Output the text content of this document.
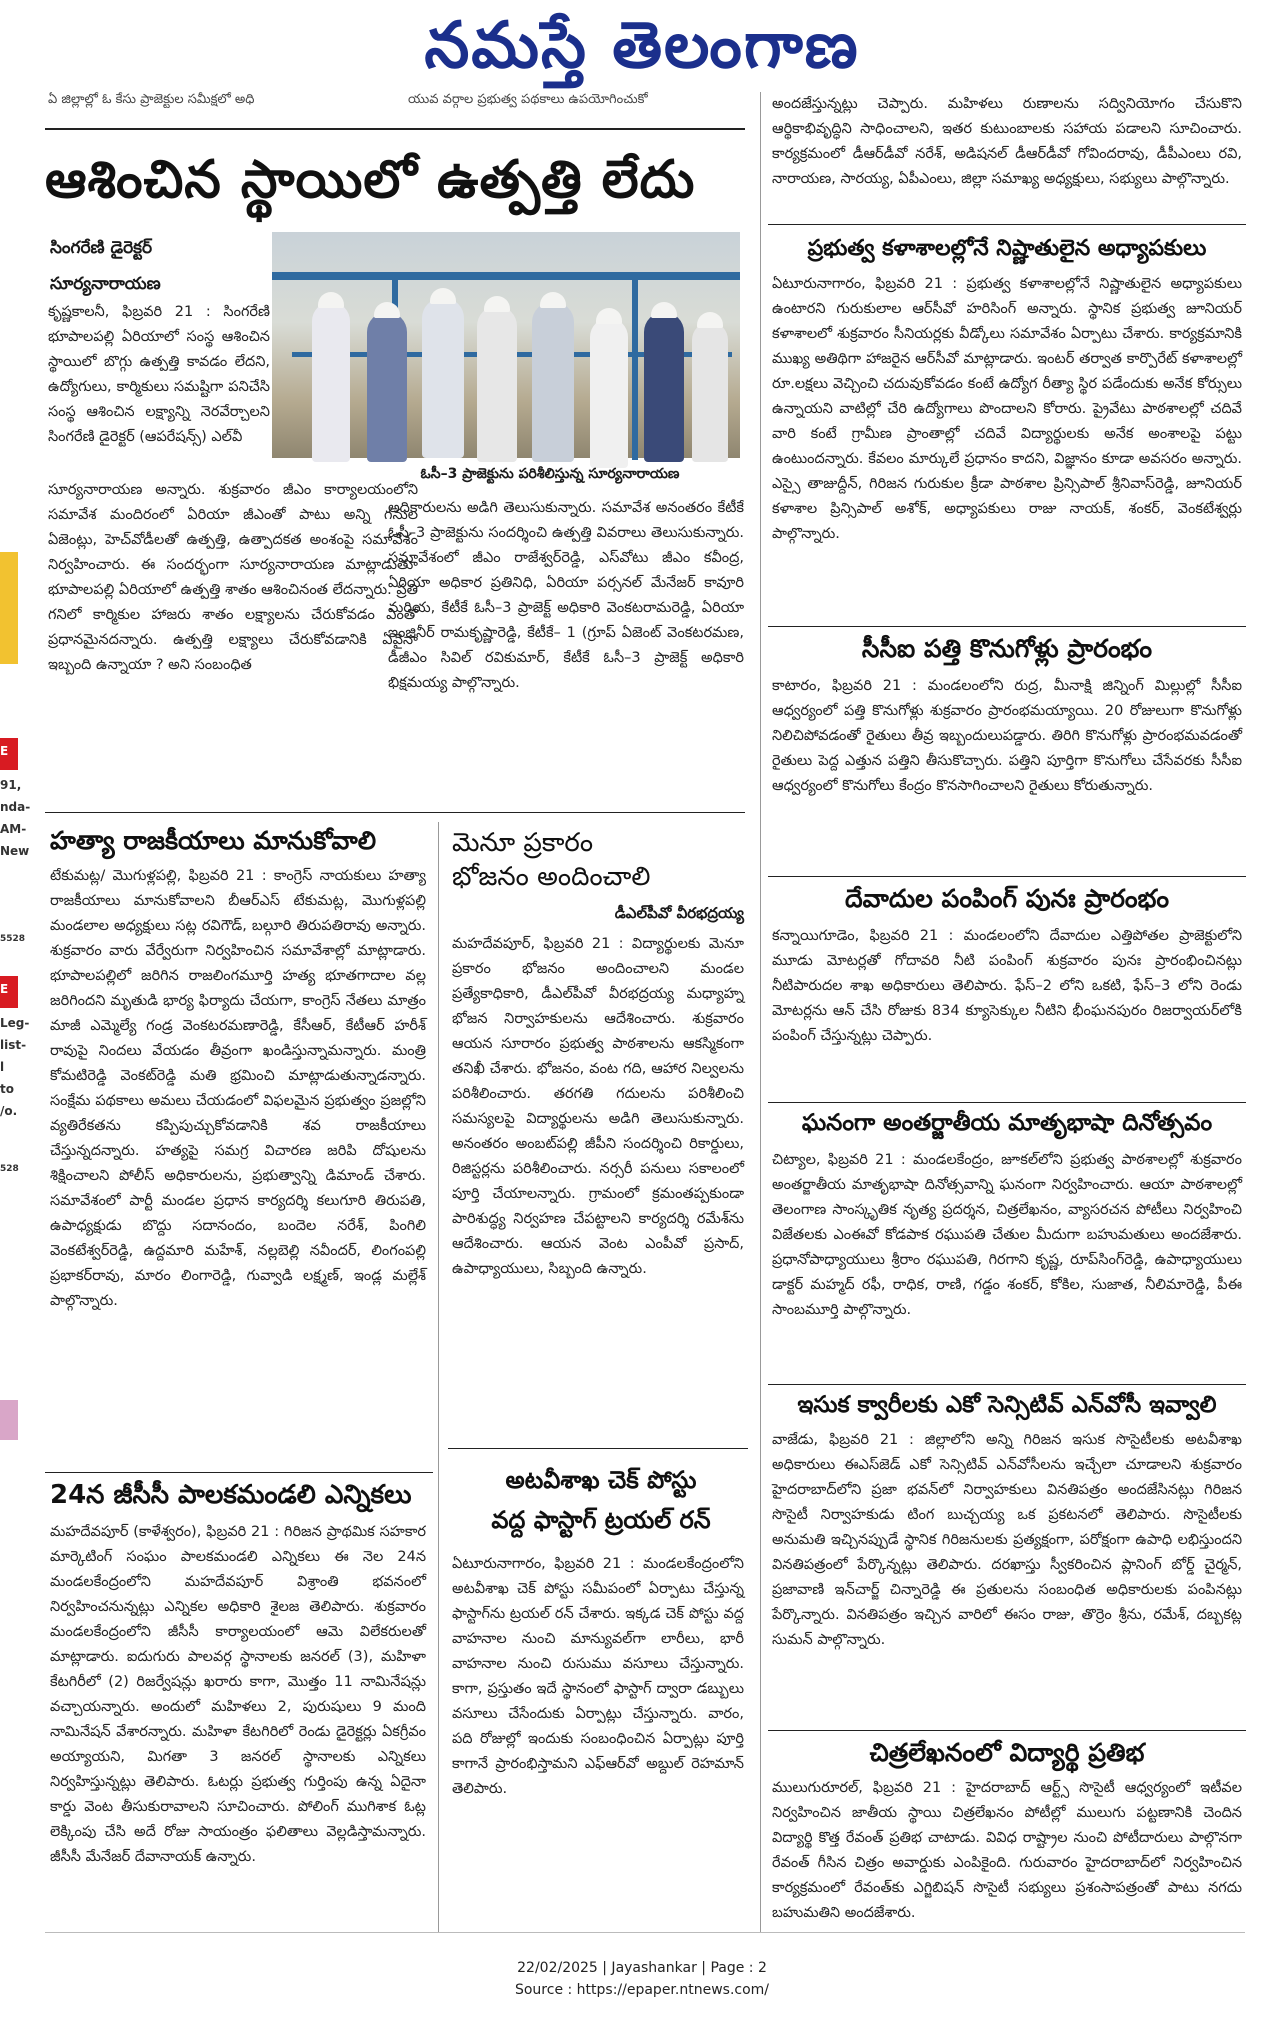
నమస్తే తెలంగాణ
ఏ జిల్లాల్లో ఓ కేసు ప్రాజెక్టుల సమీక్షలో అధి	యువ వర్గాల ప్రభుత్వ పథకాలు ఉపయోగించుకో
ఆశించిన స్థాయిలో ఉత్పత్తి లేదు
సింగరేణి డైరెక్టర్
సూర్యనారాయణ
ఓసీ–3 ప్రాజెక్టును పరిశీలిస్తున్న సూర్యనారాయణ
కృష్ణకాలనీ, ఫిబ్రవరి 21 : సింగరేణి భూపాలపల్లి ఏరియాలో సంస్థ ఆశించిన స్థాయిలో బొగ్గు ఉత్పత్తి కావడం లేదని, ఉద్యోగులు, కార్మికులు సమష్టిగా పనిచేసి సంస్థ ఆశించిన లక్ష్యాన్ని నెరవేర్చాలని సింగరేణి డైరెక్టర్ (ఆపరేషన్స్) ఎల్‌వీ
సూర్యనారాయణ అన్నారు. శుక్రవారం జీఎం కార్యాలయంలోని సమావేశ మందిరంలో ఏరియా జీఎంతో పాటు అన్ని గనుల ఏజెంట్లు, హెచ్‌వోడీలతో ఉత్పత్తి, ఉత్పాదకత అంశంపై సమావేశం నిర్వహించారు. ఈ సందర్భంగా సూర్యనారాయణ మాట్లాడుతూ భూపాలపల్లి ఏరియాలో ఉత్పత్తి శాతం ఆశించినంత లేదన్నారు. ప్రతి గనిలో కార్మికుల హాజరు శాతం లక్ష్యాలను చేరుకోవడం ఎంతో ప్రధానమైనదన్నారు. ఉత్పత్తి లక్ష్యాలు చేరుకోవడానికి ఏవైనా ఇబ్బంది ఉన్నాయా ? అని సంబంధిత
అధికారులను అడిగి తెలుసుకున్నారు. సమావేశ అనంతరం కేటీకే ఓసీ–3 ప్రాజెక్టును సందర్శించి ఉత్పత్తి వివరాలు తెలుసుకున్నారు. సమావేశంలో జీఎం రాజేశ్వర్‌రెడ్డి, ఎస్‌వోటు జీఎం కవీంద్ర, ఏరియా అధికార ప్రతినిధి, ఏరియా పర్సనల్ మేనేజర్ కావూరి మరియ, కేటీకే ఓసీ–3 ప్రాజెక్ట్ అధికారి వెంకటరామరెడ్డి, ఏరియా ఇంజినీర్ రామకృష్ణారెడ్డి, కేటీకే– 1 (గ్రూప్ ఏజెంట్ వెంకటరమణ, డీజీఎం సివిల్ రవికుమార్, కేటీకే ఓసీ–3 ప్రాజెక్ట్ అధికారి భిక్షమయ్య పాల్గొన్నారు.
హత్యా రాజకీయాలు మానుకోవాలి
టేకుమట్ల/ మొగుళ్లపల్లి, ఫిబ్రవరి 21 : కాంగ్రెస్ నాయకులు హత్యా రాజకీయాలు మానుకోవాలని బీఆర్‌ఎస్ టేకుమట్ల, మొగుళ్లపల్లి మండలాల అధ్యక్షులు సట్ల రవిగౌడ్, బల్గూరి తిరుపతిరావు అన్నారు. శుక్రవారం వారు వేర్వేరుగా నిర్వహించిన సమావేశాల్లో మాట్లాడారు. భూపాలపల్లిలో జరిగిన రాజలింగమూర్తి హత్య భూతగాదాల వల్ల జరిగిందని మృతుడి భార్య ఫిర్యాదు చేయగా, కాంగ్రెస్ నేతలు మాత్రం మాజీ ఎమ్మెల్యే గండ్ర వెంకటరమణారెడ్డి, కేసీఆర్, కేటీఆర్ హరీశ్ రావుపై నిందలు వేయడం తీవ్రంగా ఖండిస్తున్నామన్నారు. మంత్రి కోమటిరెడ్డి వెంకట్‌రెడ్డి మతి భ్రమించి మాట్లాడుతున్నాడన్నారు. సంక్షేమ పథకాలు అమలు చేయడంలో విఫలమైన ప్రభుత్వం ప్రజల్లోని వ్యతిరేకతను కప్పిపుచ్చుకోవడానికి శవ రాజకీయాలు చేస్తున్నదన్నారు. హత్యపై సమగ్ర విచారణ జరిపి దోషులను శిక్షించాలని పోలీస్ అధికారులను, ప్రభుత్వాన్ని డిమాండ్ చేశారు. సమావేశంలో పార్టీ మండల ప్రధాన కార్యదర్శి కలుగూరి తిరుపతి, ఉపాధ్యక్షుడు బొద్దు సదానందం, బందెల నరేశ్, పింగిలి వెంకటేశ్వర్‌రెడ్డి, ఉద్దమారి మహేశ్, నల్లబెల్లి నవీందర్, లింగంపల్లి ప్రభాకర్‌రావు, మారం లింగారెడ్డి, గువ్వాడి లక్ష్మణ్, ఇండ్ల మల్లేశ్ పాల్గొన్నారు.
24న జీసీసీ పాలకమండలి ఎన్నికలు
మహదేవపూర్ (కాళేశ్వరం), ఫిబ్రవరి 21 : గిరిజన ప్రాథమిక సహకార మార్కెటింగ్ సంఘం పాలకమండలి ఎన్నికలు ఈ నెల 24న మండలకేంద్రంలోని మహదేవపూర్ విశ్రాంతి భవనంలో నిర్వహించనున్నట్లు ఎన్నికల అధికారి శైలజ తెలిపారు. శుక్రవారం మండలకేంద్రంలోని జీసీసీ కార్యాలయంలో ఆమె విలేకరులతో మాట్లాడారు. ఐదుగురు పాలవర్గ స్థానాలకు జనరల్ (3), మహిళా కేటగిరీలో (2) రిజర్వేషన్లు ఖరారు కాగా, మొత్తం 11 నామినేషన్లు వచ్చాయన్నారు. అందులో మహిళలు 2, పురుషులు 9 మంది నామినేషన్ వేశారన్నారు. మహిళా కేటగిరిలో రెండు డైరెక్టర్లు ఏకగ్రీవం అయ్యాయని, మిగతా 3 జనరల్ స్థానాలకు ఎన్నికలు నిర్వహిస్తున్నట్లు తెలిపారు. ఓటర్లు ప్రభుత్వ గుర్తింపు ఉన్న ఏదైనా కార్డు వెంట తీసుకురావాలని సూచించారు. పోలింగ్ ముగిశాక ఓట్ల లెక్కింపు చేసి అదే రోజు సాయంత్రం ఫలితాలు వెల్లడిస్తామన్నారు. జీసీసీ మేనేజర్ దేవానాయక్ ఉన్నారు.
మెనూ ప్రకారం
భోజనం అందించాలి
డీఎల్‌పీవో వీరభద్రయ్య
మహదేవపూర్, ఫిబ్రవరి 21 : విద్యార్థులకు మెనూ ప్రకారం భోజనం అందించాలని మండల ప్రత్యేకాధికారి, డీఎల్‌పీవో వీరభద్రయ్య మధ్యాహ్న భోజన నిర్వాహకులను ఆదేశించారు. శుక్రవారం ఆయన సూరారం ప్రభుత్వ పాఠశాలను ఆకస్మికంగా తనిఖీ చేశారు. భోజనం, వంట గది, ఆహార నిల్వలను పరిశీలించారు. తరగతి గదులను పరిశీలించి సమస్యలపై విద్యార్థులను అడిగి తెలుసుకున్నారు. అనంతరం అంబట్‌పల్లి జీపీని సందర్శించి రికార్డులు, రిజిస్టర్లను పరిశీలించారు. నర్సరీ పనులు సకాలంలో పూర్తి చేయాలన్నారు. గ్రామంలో క్రమంతప్పకుండా పారిశుద్ధ్య నిర్వహణ చేపట్టాలని కార్యదర్శి రమేశ్‌ను ఆదేశించారు. ఆయన వెంట ఎంపీవో ప్రసాద్, ఉపాధ్యాయులు, సిబ్బంది ఉన్నారు.
అటవీశాఖ చెక్ పోస్టు
వద్ద ఫాస్టాగ్ ట్రయల్ రన్
ఏటూరునాగారం, ఫిబ్రవరి 21 : మండలకేంద్రంలోని అటవీశాఖ చెక్ పోస్టు సమీపంలో ఏర్పాటు చేస్తున్న ఫాస్టాగ్‌ను ట్రయల్ రన్ చేశారు. ఇక్కడ చెక్ పోస్టు వద్ద వాహనాల నుంచి మాన్యువల్‌గా లారీలు, భారీ వాహనాల నుంచి రుసుము వసూలు చేస్తున్నారు. కాగా, ప్రస్తుతం ఇదే స్థానంలో ఫాస్టాగ్ ద్వారా డబ్బులు వసూలు చేసేందుకు ఏర్పాట్లు చేస్తున్నారు. వారం, పది రోజుల్లో ఇందుకు సంబంధించిన ఏర్పాట్లు పూర్తి కాగానే ప్రారంభిస్తామని ఎఫ్‌ఆర్‌వో అబ్దుల్ రెహమాన్ తెలిపారు.
అందజేస్తున్నట్లు చెప్పారు. మహిళలు రుణాలను సద్వినియోగం చేసుకొని ఆర్థికాభివృద్ధిని సాధించాలని, ఇతర కుటుంబాలకు సహాయ పడాలని సూచించారు. కార్యక్రమంలో డీఆర్‌డీవో నరేశ్, అడిషనల్ డీఆర్‌డీవో గోవిందరావు, డీపీఎంలు రవి, నారాయణ, సారయ్య, ఏపీఎంలు, జిల్లా సమాఖ్య అధ్యక్షులు, సభ్యులు పాల్గొన్నారు.
ప్రభుత్వ కళాశాలల్లోనే నిష్ణాతులైన అధ్యాపకులు
ఏటూరునాగారం, ఫిబ్రవరి 21 : ప్రభుత్వ కళాశాలల్లోనే నిష్ణాతులైన అధ్యాపకులు ఉంటారని గురుకులాల ఆర్‌సీవో హరిసింగ్ అన్నారు. స్థానిక ప్రభుత్వ జూనియర్ కళాశాలలో శుక్రవారం సీనియర్లకు వీడ్కోలు సమావేశం ఏర్పాటు చేశారు. కార్యక్రమానికి ముఖ్య అతిథిగా హాజరైన ఆర్‌సీవో మాట్లాడారు. ఇంటర్ తర్వాత కార్పొరేట్ కళాశాలల్లో రూ.లక్షలు వెచ్చించి చదువుకోవడం కంటే ఉద్యోగ రీత్యా స్థిర పడేందుకు అనేక కోర్సులు ఉన్నాయని వాటిల్లో చేరి ఉద్యోగాలు పొందాలని కోరారు. ప్రైవేటు పాఠశాలల్లో చదివే వారి కంటే గ్రామీణ ప్రాంతాల్లో చదివే విద్యార్థులకు అనేక అంశాలపై పట్టు ఉంటుందన్నారు. కేవలం మార్కులే ప్రధానం కాదని, విజ్ఞానం కూడా అవసరం అన్నారు. ఎస్సై తాజుద్దీన్, గిరిజన గురుకుల క్రీడా పాఠశాల ప్రిన్సిపాల్ శ్రీనివాస్‌రెడ్డి, జూనియర్ కళాశాల ప్రిన్సిపాల్ అశోక్, అధ్యాపకులు రాజు నాయక్, శంకర్, వెంకటేశ్వర్లు పాల్గొన్నారు.
సీసీఐ పత్తి కొనుగోళ్లు ప్రారంభం
కాటారం, ఫిబ్రవరి 21 : మండలంలోని రుద్ర, మీనాక్షి జిన్నింగ్ మిల్లుల్లో సీసీఐ ఆధ్వర్యంలో పత్తి కొనుగోళ్లు శుక్రవారం ప్రారంభమయ్యాయి. 20 రోజులుగా కొనుగోళ్లు నిలిచిపోవడంతో రైతులు తీవ్ర ఇబ్బందులుపడ్డారు. తిరిగి కొనుగోళ్లు ప్రారంభమవడంతో రైతులు పెద్ద ఎత్తున పత్తిని తీసుకొచ్చారు. పత్తిని పూర్తిగా కొనుగోలు చేసేవరకు సీసీఐ ఆధ్వర్యంలో కొనుగోలు కేంద్రం కొనసాగించాలని రైతులు కోరుతున్నారు.
దేవాదుల పంపింగ్ పునః ప్రారంభం
కన్నాయిగూడెం, ఫిబ్రవరి 21 : మండలంలోని దేవాదుల ఎత్తిపోతల ప్రాజెక్టులోని మూడు మోటర్లతో గోదావరి నీటి పంపింగ్ శుక్రవారం పునః ప్రారంభించినట్లు నీటిపారుదల శాఖ అధికారులు తెలిపారు. ఫేస్–2 లోని ఒకటి, ఫేస్–3 లోని రెండు మోటర్లను ఆన్ చేసి రోజుకు 834 క్యూసెక్కుల నీటిని భీంఘనపురం రిజర్వాయర్‌లోకి పంపింగ్ చేస్తున్నట్లు చెప్పారు.
ఘనంగా అంతర్జాతీయ మాతృభాషా దినోత్సవం
చిట్యాల, ఫిబ్రవరి 21 : మండలకేంద్రం, జూకల్‌లోని ప్రభుత్వ పాఠశాలల్లో శుక్రవారం అంతర్జాతీయ మాతృభాషా దినోత్సవాన్ని ఘనంగా నిర్వహించారు. ఆయా పాఠశాలల్లో తెలంగాణ సాంస్కృతిక నృత్య ప్రదర్శన, చిత్రలేఖనం, వ్యాసరచన పోటీలు నిర్వహించి విజేతలకు ఎంఈవో కోడపాక రఘుపతి చేతుల మీదుగా బహుమతులు అందజేశారు. ప్రధానోపాధ్యాయులు శ్రీరాం రఘుపతి, గిరగాని కృష్ణ, రూప్‌సింగ్‌రెడ్డి, ఉపాధ్యాయులు డాక్టర్ మహ్మద్ రఫీ, రాధిక, రాణి, గడ్డం శంకర్, కోకిల, సుజాత, నీలిమారెడ్డి, పీఈ సాంబమూర్తి పాల్గొన్నారు.
ఇసుక క్వారీలకు ఎకో సెన్సిటివ్ ఎన్‌వోసీ ఇవ్వాలి
వాజేడు, ఫిబ్రవరి 21 : జిల్లాలోని అన్ని గిరిజన ఇసుక సొసైటీలకు అటవీశాఖ అధికారులు ఈఎస్‌జెడ్ ఎకో సెన్సిటివ్ ఎన్‌వోసీలను ఇచ్చేలా చూడాలని శుక్రవారం హైదరాబాద్‌లోని ప్రజా భవన్‌లో నిర్వాహకులు వినతిపత్రం అందజేసినట్లు గిరిజన సొసైటీ నిర్వాహకుడు టింగ బుచ్చయ్య ఒక ప్రకటనలో తెలిపారు. సొసైటీలకు అనుమతి ఇచ్చినప్పుడే స్థానిక గిరిజనులకు ప్రత్యక్షంగా, పరోక్షంగా ఉపాధి లభిస్తుందని వినతిపత్రంలో పేర్కొన్నట్లు తెలిపారు. దరఖాస్తు స్వీకరించిన ప్లానింగ్ బోర్డ్ చైర్మన్, ప్రజావాణి ఇన్‌చార్జ్ చిన్నారెడ్డి ఈ ప్రతులను సంబంధిత అధికారులకు పంపినట్లు పేర్కొన్నారు. వినతిపత్రం ఇచ్చిన వారిలో ఈసం రాజు, తొర్రెం శ్రీను, రమేశ్, దబ్బకట్ల సుమన్ పాల్గొన్నారు.
చిత్రలేఖనంలో విద్యార్థి ప్రతిభ
ములుగురూరల్, ఫిబ్రవరి 21 : హైదరాబాద్ ఆర్ట్స్ సొసైటీ ఆధ్వర్యంలో ఇటీవల నిర్వహించిన జాతీయ స్థాయి చిత్రలేఖనం పోటీల్లో ములుగు పట్టణానికి చెందిన విద్యార్థి కొత్త రేవంత్ ప్రతిభ చాటాడు. వివిధ రాష్ట్రాల నుంచి పోటీదారులు పాల్గొనగా రేవంత్ గీసిన చిత్రం అవార్డుకు ఎంపికైంది. గురువారం హైదరాబాద్‌లో నిర్వహించిన కార్యక్రమంలో రేవంత్‌కు ఎగ్జిబిషన్ సొసైటీ సభ్యులు ప్రశంసాపత్రంతో పాటు నగదు బహుమతిని అందజేశారు.
E
91,
nda-
AM-
New
5528
E
Leg-
list-
l to
/o.
528
22/02/2025 | Jayashankar | Page : 2
Source : https://epaper.ntnews.com/
